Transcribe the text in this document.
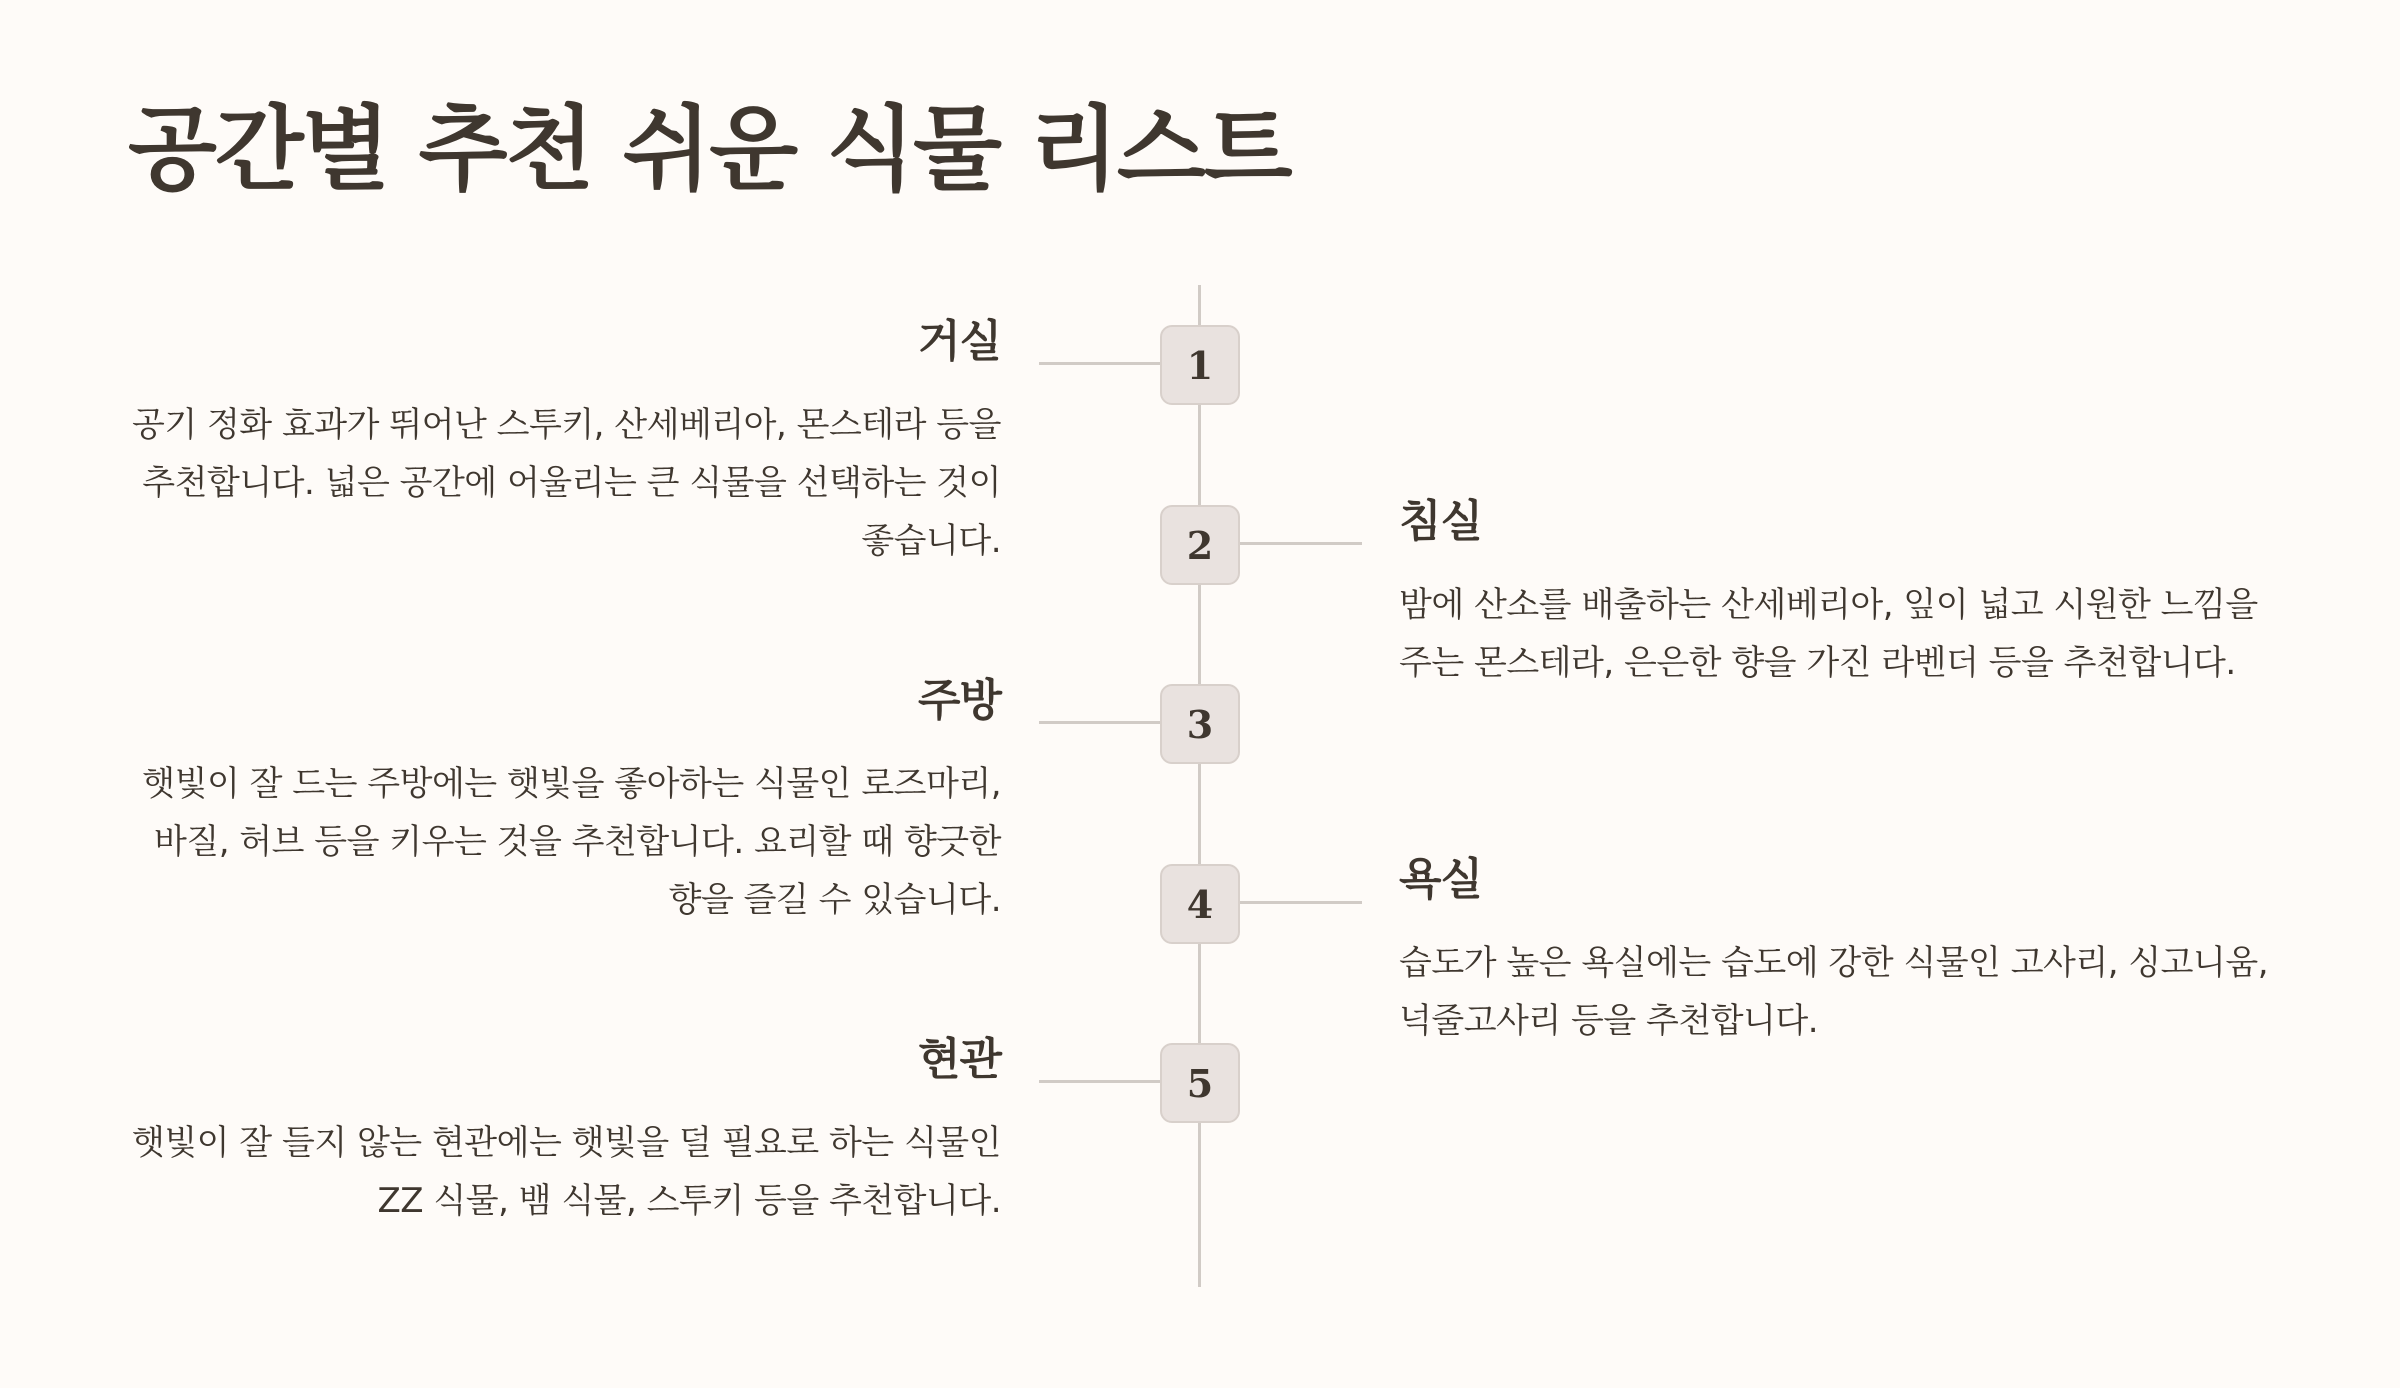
공간별 추천 쉬운 식물 리스트
1
거실

공기 정화 효과가 뛰어난 스투키, 산세베리아, 몬스테라 등을 추천합니다. 넓은 공간에 어울리는 큰 식물을 선택하는 것이 좋습니다.	2	침실

밤에 산소를 배출하는 산세베리아, 잎이 넓고 시원한 느낌을 주는 몬스테라, 은은한 향을 가진 라벤더 등을 추천합니다.

3
주방

햇빛이 잘 드는 주방에는 햇빛을 좋아하는 식물인 로즈마리, 바질, 허브 등을 키우는 것을 추천합니다. 요리할 때 향긋한 향을 즐길 수 있습니다.	4	욕실

습도가 높은 욕실에는 습도에 강한 식물인 고사리, 싱고니움, 넉줄고사리 등을 추천합니다.

5
현관

햇빛이 잘 들지 않는 현관에는 햇빛을 덜 필요로 하는 식물인 ZZ 식물, 뱀 식물, 스투키 등을 추천합니다.
